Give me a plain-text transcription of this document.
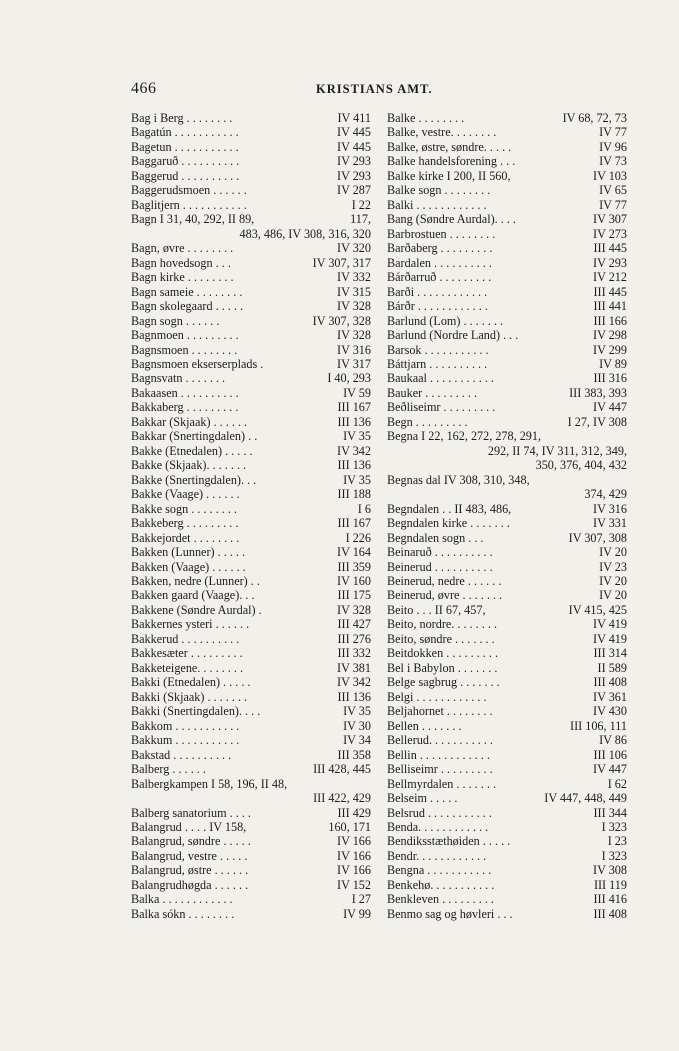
466	KRISTIANS AMT.
Bag i Berg . . . . . . . .	IV 411
Bagatún . . . . . . . . . . .	IV 445
Bagetun . . . . . . . . . . .	IV 445
Baggaruð . . . . . . . . . .	IV 293
Baggerud . . . . . . . . . .	IV 293
Baggerudsmoen . . . . . .	IV 287
Baglitjern . . . . . . . . . . .	I 22
Bagn I 31, 40, 292, II 89,	117,
483, 486, IV 308, 316, 320
Bagn, øvre . . . . . . . .	IV 320
Bagn hovedsogn . . .	IV 307, 317
Bagn kirke . . . . . . . .	IV 332
Bagn sameie . . . . . . . .	IV 315
Bagn skolegaard . . . . .	IV 328
Bagn sogn . . . . . .	IV 307, 328
Bagnmoen . . . . . . . . .	IV 328
Bagnsmoen . . . . . . . .	IV 316
Bagnsmoen ekserserplads .	IV 317
Bagnsvatn . . . . . . .	I 40, 293
Bakaasen . . . . . . . . . .	IV 59
Bakkaberg . . . . . . . . .	III 167
Bakkar (Skjaak) . . . . . .	III 136
Bakkar (Snertingdalen) . .	IV 35
Bakke (Etnedalen) . . . . .	IV 342
Bakke (Skjaak). . . . . . .	III 136
Bakke (Snertingdalen). . .	IV 35
Bakke (Vaage) . . . . . .	III 188
Bakke sogn . . . . . . . .	I 6
Bakkeberg . . . . . . . . .	III 167
Bakkejordet . . . . . . . .	I 226
Bakken (Lunner) . . . . .	IV 164
Bakken (Vaage) . . . . . .	III 359
Bakken, nedre (Lunner) . .	IV 160
Bakken gaard (Vaage). . .	III 175
Bakkene (Søndre Aurdal) .	IV 328
Bakkernes ysteri . . . . . .	III 427
Bakkerud . . . . . . . . . .	III 276
Bakkesæter . . . . . . . . .	III 332
Bakketeigene. . . . . . . .	IV 381
Bakki (Etnedalen) . . . . .	IV 342
Bakki (Skjaak) . . . . . . .	III 136
Bakki (Snertingdalen). . . .	IV 35
Bakkom . . . . . . . . . . .	IV 30
Bakkum . . . . . . . . . . .	IV 34
Bakstad . . . . . . . . . .	III 358
Balberg . . . . . .	III 428, 445
Balbergkampen I 58, 196, II 48,
III 422, 429
Balberg sanatorium . . . .	III 429
Balangrud . . . . IV 158,	160, 171
Balangrud, søndre . . . . .	IV 166
Balangrud, vestre . . . . .	IV 166
Balangrud, østre . . . . . .	IV 166
Balangrudhøgda . . . . . .	IV 152
Balka . . . . . . . . . . . .	I 27
Balka sókn . . . . . . . .	IV 99
Balke . . . . . . . .	IV 68, 72, 73
Balke, vestre. . . . . . . .	IV 77
Balke, østre, søndre. . . . .	IV 96
Balke handelsforening . . .	IV 73
Balke kirke I 200, II 560,	IV 103
Balke sogn . . . . . . . .	IV 65
Balki . . . . . . . . . . . .	IV 77
Bang (Søndre Aurdal). . . .	IV 307
Barbrostuen . . . . . . . .	IV 273
Barðaberg . . . . . . . . .	III 445
Bardalen . . . . . . . . . .	IV 293
Bárðarruð . . . . . . . . .	IV 212
Barði . . . . . . . . . . . .	III 445
Bárðr . . . . . . . . . . . .	III 441
Barlund (Lom) . . . . . . .	III 166
Barlund (Nordre Land) . . .	IV 298
Barsok . . . . . . . . . . .	IV 299
Báttjarn . . . . . . . . . .	IV 89
Baukaal . . . . . . . . . . .	III 316
Bauker . . . . . . . . .	III 383, 393
Beðliseimr . . . . . . . . .	IV 447
Begn . . . . . . . . .	I 27, IV 308
Begna I 22, 162, 272, 278, 291,
292, II 74, IV 311, 312, 349,
350, 376, 404, 432
Begnas dal IV 308, 310, 348,
374, 429
Begndalen . . II 483, 486,	IV 316
Begndalen kirke . . . . . . .	IV 331
Begndalen sogn . . .	IV 307, 308
Beinaruð . . . . . . . . . .	IV 20
Beinerud . . . . . . . . . .	IV 23
Beinerud, nedre . . . . . .	IV 20
Beinerud, øvre . . . . . . .	IV 20
Beito . . . II 67, 457,	IV 415, 425
Beito, nordre. . . . . . . .	IV 419
Beito, søndre . . . . . . .	IV 419
Beitdokken . . . . . . . . .	III 314
Bel i Babylon . . . . . . .	II 589
Belge sagbrug . . . . . . .	III 408
Belgi . . . . . . . . . . . .	IV 361
Beljahornet . . . . . . . .	IV 430
Bellen . . . . . . .	III 106, 111
Bellerud. . . . . . . . . . .	IV 86
Bellin . . . . . . . . . . . .	III 106
Belliseimr . . . . . . . . .	IV 447
Bellmyrdalen . . . . . . .	I 62
Belseim . . . . .	IV 447, 448, 449
Belsrud . . . . . . . . . . .	III 344
Benda. . . . . . . . . . . .	I 323
Bendiksstæthøiden . . . . .	I 23
Bendr. . . . . . . . . . . .	I 323
Bengna . . . . . . . . . . .	IV 308
Benkehø. . . . . . . . . . .	III 119
Benkleven . . . . . . . . .	III 416
Benmo sag og høvleri . . .	III 408
